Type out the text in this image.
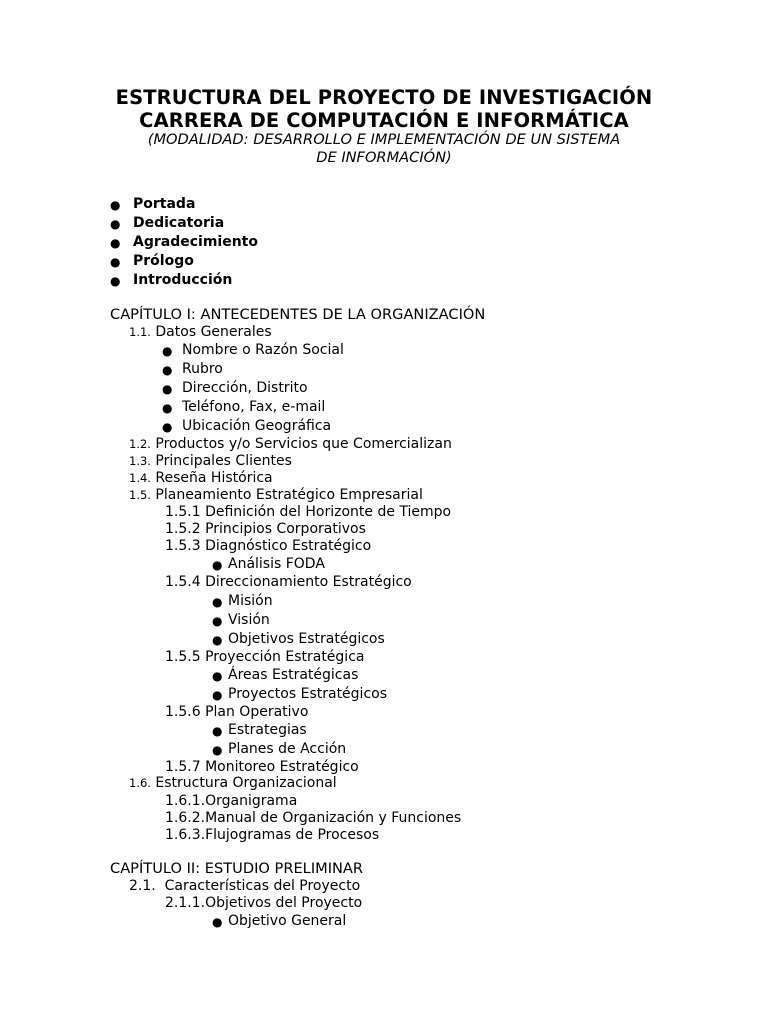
ESTRUCTURA DEL PROYECTO DE INVESTIGACIÓN
CARRERA DE COMPUTACIÓN E INFORMÁTICA
(MODALIDAD: DESARROLLO E IMPLEMENTACIÓN DE UN SISTEMA
DE INFORMACIÓN)
● Portada
● Dedicatoria
● Agradecimiento
● Prólogo
● Introducción
CAPÍTULO I: ANTECEDENTES DE LA ORGANIZACIÓN
1.1. Datos Generales
● Nombre o Razón Social
● Rubro
● Dirección, Distrito
● Teléfono, Fax, e-mail
● Ubicación Geográfica
1.2. Productos y/o Servicios que Comercializan
1.3. Principales Clientes
1.4. Reseña Histórica
1.5. Planeamiento Estratégico Empresarial
1.5.1 Definición del Horizonte de Tiempo
1.5.2 Principios Corporativos
1.5.3 Diagnóstico Estratégico
● Análisis FODA
1.5.4 Direccionamiento Estratégico
● Misión
● Visión
● Objetivos Estratégicos
1.5.5 Proyección Estratégica
● Áreas Estratégicas
● Proyectos Estratégicos
1.5.6 Plan Operativo
● Estrategias
● Planes de Acción
1.5.7 Monitoreo Estratégico
1.6. Estructura Organizacional
1.6.1.Organigrama
1.6.2.Manual de Organización y Funciones
1.6.3.Flujogramas de Procesos
CAPÍTULO II: ESTUDIO PRELIMINAR
2.1.  Características del Proyecto
2.1.1.Objetivos del Proyecto
● Objetivo General
